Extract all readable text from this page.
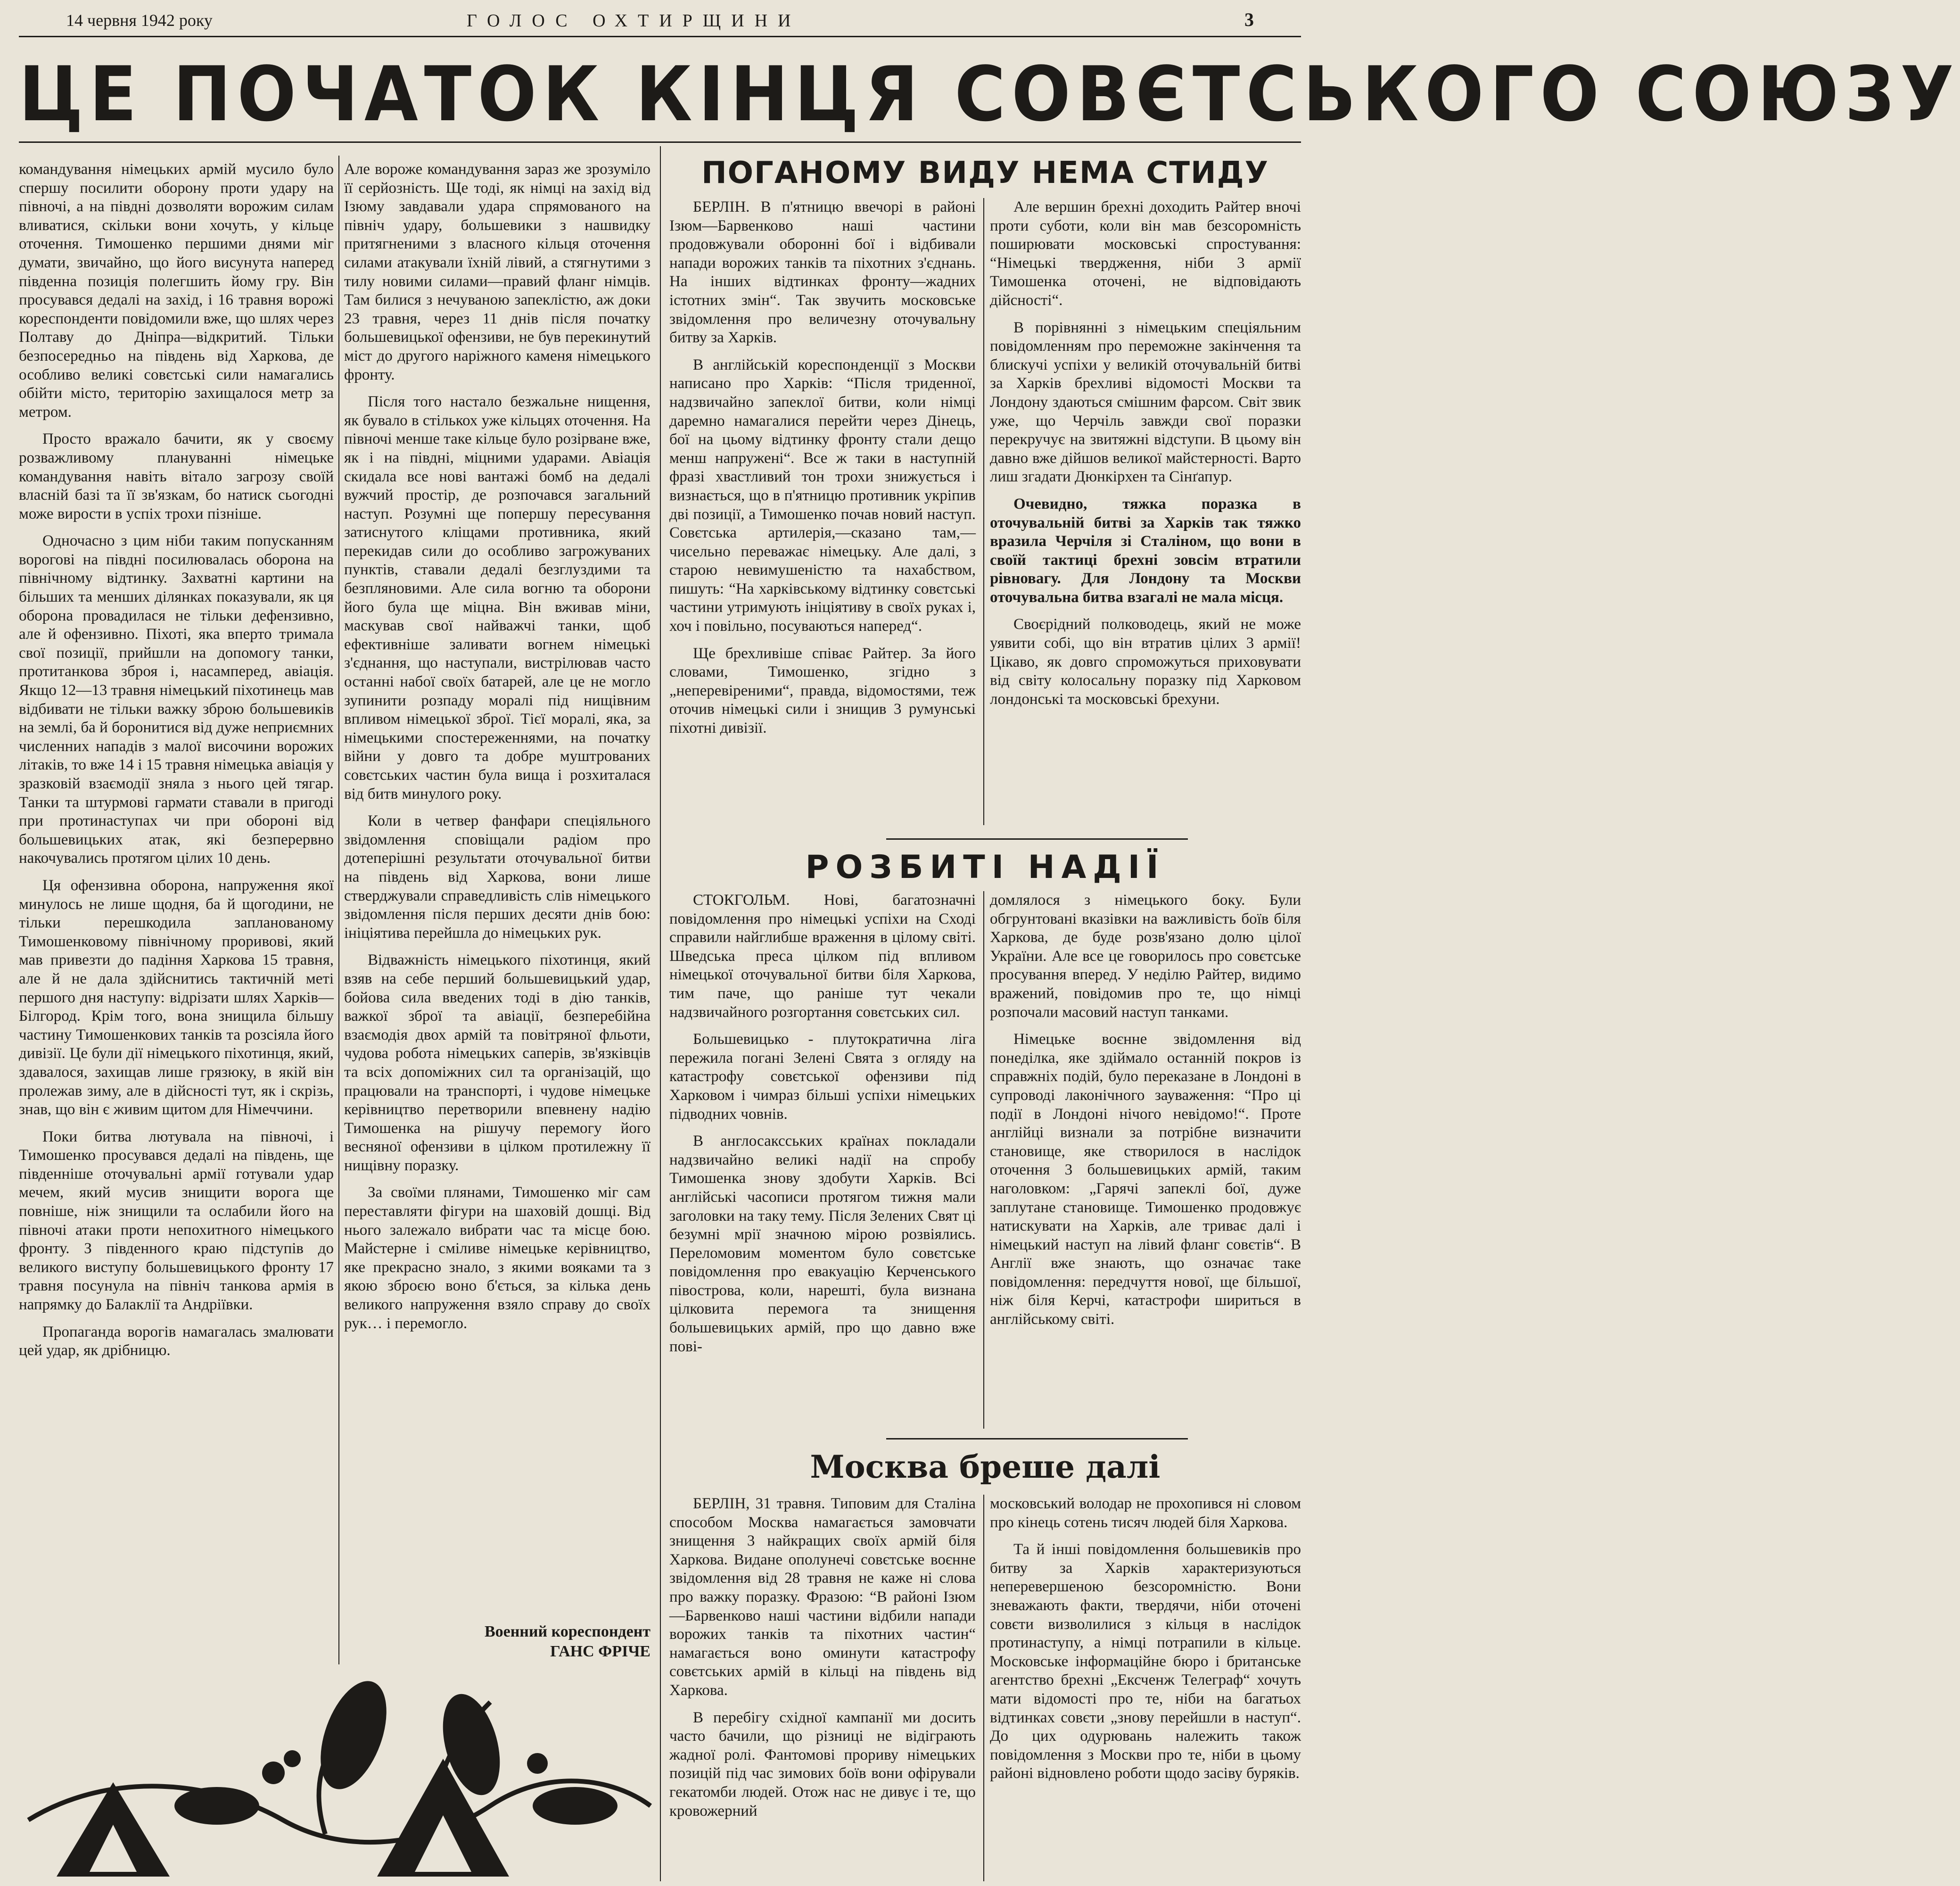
14 червня 1942 року	ГОЛОС ОХТИРЩИНИ	3
ЦЕ ПОЧАТОК КІНЦЯ СОВЄТСЬКОГО СОЮЗУ

командування німецьких армій мусило було спершу посилити оборону проти удару на півночі, а на півдні дозволяти ворожим силам вливатися, скільки вони хочуть, у кільце оточення. Тимошенко першими днями міг думати, звичайно, що його висунута наперед південна позиція полегшить йому гру. Він просувався дедалі на захід, і 16 травня ворожі кореспонденти повідомили вже, що шлях через Полтаву до Дніпра—відкритий. Тільки безпосередньо на південь від Харкова, де особливо великі совєтські сили намагались обійти місто, територію захищалося метр за метром.

Просто вражало бачити, як у своєму розважливому плануванні німецьке командування навіть віталo загрозу своїй власній базі та її зв'язкам, бо натиск сьогодні може вирости в успіх трохи пізніше.

Одночасно з цим ніби таким попусканням ворогові на півдні посилювалась оборона на північному відтинку. Захватні картини на більших та менших ділянках показували, як ця оборона провадилася не тільки дефензивно, але й офензивно. Піхоті, яка вперто тримала свої позиції, прийшли на допомогу танки, протитанкова зброя і, насамперед, авіація. Якщо 12—13 травня німецький піхотинець мав відбивати не тільки важку зброю большевиків на землі, ба й боронитися від дуже неприємних численних нападів з малої височини ворожих літаків, то вже 14 і 15 травня німецька авіація у зразковій взаємодії зняла з нього цей тягар. Танки та штурмові гармати ставали в пригоді при протинаступах чи при обороні від большевицьких атак, які безперервно накочувались протягом цілих 10 день.

Ця офензивна оборона, напруження якої минулось не лише щодня, ба й щогодини, не тільки перешкодила запланованому Тимошенковому північному проривові, який мав привезти до падіння Харкова 15 травня, але й не дала здійснитись тактичній меті першого дня наступу: відрізати шлях Харків—Білгород. Крім того, вона знищила більшу частину Тимошенкових танків та розсіяла його дивізії. Це були дії німецького піхотинця, який, здавалося, захищав лише грязюку, в якій він пролежав зиму, але в дійсності тут, як і скрізь, знав, що він є живим щитом для Німеччини.

Поки битва лютувала на півночі, і Тимошенко просувався дедалі на південь, ще південніше оточувальні армії готували удар мечем, який мусив знищити ворога ще повніше, ніж знищили та ослабили його на півночі атаки проти непохитного німецького фронту. З південного краю підступів до великого виступу большевицького фронту 17 травня посунула на північ танкова армія в напрямку до Балаклії та Андріївки.

Пропаганда ворогів намагалась змалювати цей удар, як дрібницю.

Але вороже командування зараз же зрозуміло її серйозність. Ще тоді, як німці на захід від Ізюму завдавали удара спрямованого на північ удару, большевики з нашвидку притягненими з власного кільця оточення силами атакували їхній лівий, а стягнутими з тилу новими силами—правий фланг німців. Там билися з нечуваною запеклістю, аж доки 23 травня, через 11 днів після початку большевицької офензиви, не був перекинутий міст до другого наріжного каменя німецького фронту.

Після того настало безжальне нищення, як бувало в стількох уже кільцях оточення. На півночі менше таке кільце було розірване вже, як і на півдні, міцними ударами. Авіація скидала все нові вантажі бомб на дедалі вужчий простір, де розпочався загальний наступ. Розумні ще попершу пересування затиснутого кліщами противника, який перекидав сили до особливо загрожуваних пунктів, ставали дедалі безглуздими та безпляновими. Але сила вогню та оборони його була ще міцна. Він вживав міни, маскував свої найважчі танки, щоб ефективніше заливати вогнем німецькі з'єднання, що наступали, вистрілював часто останні набої своїх батарей, але це не могло зупинити розпаду моралі під нищівним впливом німецької зброї. Тієї моралі, яка, за німецькими спостереженнями, на початку війни у довго та добре муштрованих совєтських частин була вища і розхиталася від битв минулого року.

Коли в четвер фанфари спеціяльного звідомлення сповіщали радіом про дотеперішні результати оточувальної битви на південь від Харкова, вони лише стверджували справедливість слів німецького звідомлення після перших десяти днів бою: ініціятива перейшла до німецьких рук.

Відважність німецького піхотинця, який взяв на себе перший большевицький удар, бойова сила введених тоді в дію танків, важкої зброї та авіації, безперебійна взаємодія двох армій та повітряної фльоти, чудова робота німецьких саперів, зв'язківців та всіх допоміжних сил та організацій, що працювали на транспорті, і чудове німецьке керівництво перетворили впевнену надію Тимошенка на рішучу перемогу його весняної офензиви в цілком протилежну її нищівну поразку.

За своїми плянами, Тимошенко міг сам переставляти фігури на шаховій дошці. Від нього залежало вибрати час та місце бою. Майстерне і сміливе німецьке керівництво, яке прекрасно знало, з якими вояками та з якою зброєю воно б'ється, за кілька день великого напруження взяло справу до своїх рук… і перемогло.

Военний кореспондент
ГАНС ФРІЧЕ
ПОГАНОМУ ВИДУ НЕМА СТИДУ

БЕРЛІН. В п'ятницю ввечорі в районі Ізюм—Барвенково наші частини продовжували оборонні бої і відбивали напади ворожих танків та піхотних з'єднань. На інших відтинках фронту—жадних істотних змін“. Так звучить московське звідомлення про величезну оточувальну битву за Харків.

В англійській кореспонденції з Москви написано про Харків: “Після триденної, надзвичайно запеклої битви, коли німці даремно намагалися перейти через Дінець, бої на цьому відтинку фронту стали дещо менш напружені“. Все ж таки в наступній фразі хвастливий тон трохи знижується і визнається, що в п'ятницю противник укріпив дві позиції, а Тимошенко почав новий наступ. Совєтська артилерія,—сказано там,—чисельно переважає німецьку. Але далі, з старою невимушеністю та нахабством, пишуть: “На харківському відтинку совєтські частини утримують ініціятиву в своїх руках і, хоч і повільно, посуваються наперед“.

Ще брехливіше співає Райтер. За його словами, Тимошенко, згідно з „неперевіреними“, правда, відомостями, теж оточив німецькі сили і знищив 3 румунські піхотні дивізії.

Але вершин брехні доходить Райтер вночі проти суботи, коли він мав безсоромність поширювати московські спростування: “Німецькі твердження, ніби 3 армії Тимошенка оточені, не відповідають дійсності“.

В порівнянні з німецьким спеціяльним повідомленням про переможне закінчення та блискучі успіхи у великій оточувальній битві за Харків брехливі відомості Москви та Лондону здаються смішним фарсом. Світ звик уже, що Черчіль завжди свої поразки перекручує на звитяжні відступи. В цьому він давно вже дійшов великої майстерності. Варто лиш згадати Дюнкірхен та Сінґапур.

Очевидно, тяжка поразка в оточувальній битві за Харків так тяжко вразила Черчіля зі Сталіном, що вони в своїй тактиці брехні зовсім втратили рівновагу. Для Лондону та Москви оточувальна битва взагалі не мала місця.

Своєрідний полководець, який не може уявити собі, що він втратив цілих 3 армії! Цікаво, як довго спроможуться приховувати від світу колосальну поразку під Харковом лондонські та московські брехуни.

РОЗБИТІ НАДІЇ

СТОКГОЛЬМ. Нові, багатозначні повідомлення про німецькі успіхи на Сході справили найглибше враження в цілому світі. Шведська преса цілком під впливом німецької оточувальної битви біля Харкова, тим паче, що раніше тут чекали надзвичайного розгортання совєтських сил.

Большевицько - плутократична ліга пережила погані Зелені Свята з огляду на катастрофу совєтської офензиви під Харковом і чимраз більші успіхи німецьких підводних човнів.

В англосаксських країнах покладали надзвичайно великі надії на спробу Тимошенка знову здобути Харків. Всі англійські часописи протягом тижня мали заголовки на таку тему. Після Зелених Свят ці безумні мрії значною мірою розвіялись. Переломовим моментом було совєтське повідомлення про евакуацію Керченського півострова, коли, нарешті, була визнана цілковита перемога та знищення большевицьких армій, про що давно вже пові-

домлялося з німецького боку. Були обгрунтовані вказівки на важливість боїв біля Харкова, де буде розв'язано долю цілої України. Але все це говорилось про совєтське просування вперед. У неділю Райтер, видимо вражений, повідомив про те, що німці розпочали масовий наступ танками.

Німецьке воєнне звідомлення від понеділка, яке здіймало останній покров із справжніх подій, було переказане в Лондоні в супроводі лаконічного зауваження: “Про ці події в Лондоні нічого невідомо!“. Проте англійці визнали за потрібне визначити становище, яке створилося в наслідок оточення 3 большевицьких армій, таким наголовком: „Гарячі запеклі бої, дуже заплутане становище. Тимошенко продовжує натискувати на Харків, але триває далі і німецький наступ на лівий фланг совєтів“. В Англії вже знають, що означає таке повідомлення: передчуття нової, ще більшої, ніж біля Керчі, катастрофи шириться в англійському світі.

Москва бреше далі

БЕРЛІН, 31 травня. Типовим для Сталіна способом Москва намагається замовчати знищення 3 найкращих своїх армій біля Харкова. Видане ополунечі совєтське воєнне звідомлення від 28 травня не каже ні слова про важку поразку. Фразою: “В районі Ізюм—Барвенково наші частини відбили напади ворожих танків та піхотних частин“ намагається воно оминути катастрофу совєтських армій в кільці на південь від Харкова.

В перебігу східної кампанії ми досить часто бачили, що різниці не відіграють жадної ролі. Фантомові прориву німецьких позицій під час зимових боїв вони офірували гекатомби людей. Отож нас не дивує і те, що кровожерний

московський володар не прохопився ні словом про кінець сотень тисяч людей біля Харкова.

Та й інші повідомлення большевиків про битву за Харків характеризуються неперевершеною безсоромністю. Вони зневажають факти, твердячи, ніби оточені совєти визволилися з кільця в наслідок протинаступу, а німці потрапили в кільце. Московське інформаційне бюро і британське агентство брехні „Ексченж Телеграф“ хочуть мати відомості про те, ніби на багатьох відтинках совєти „знову перейшли в наступ“. До цих одурювань належить також повідомлення з Москви про те, ніби в цьому районі відновлено роботи щодо засіву буряків.
